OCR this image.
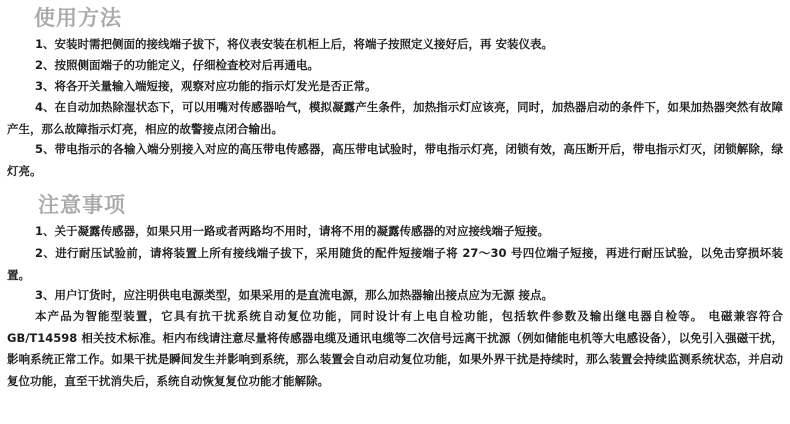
使用方法

1、安装时需把侧面的接线端子拔下，将仪表安装在机柜上后，将端子按照定义接好后，再 安装仪表。

2、按照侧面端子的功能定义，仔细检查校对后再通电。

3、将各开关量输入端短接，观察对应功能的指示灯发光是否正常。

4、在自动加热除湿状态下，可以用嘴对传感器哈气，模拟凝露产生条件，加热指示灯应该亮，同时，加热器启动的条件下，如果加热器突然有故障产生，那么故障指示灯亮，相应的故警接点闭合输出。

5、带电指示的各输入端分别接入对应的高压带电传感器，高压带电试验时，带电指示灯亮，闭锁有效，高压断开后，带电指示灯灭，闭锁解除，绿灯亮。

注意事项

1、关于凝露传感器，如果只用一路或者两路均不用时，请将不用的凝露传感器的对应接线端子短接。

2、进行耐压试验前，请将装置上所有接线端子拔下，采用随货的配件短接端子将 27～30 号四位端子短接，再进行耐压试验，以免击穿损坏装置。

3、用户订货时，应注明供电电源类型，如果采用的是直流电源，那么加热器输出接点应为无源 接点。

本产品为智能型装置，它具有抗干扰系统自动复位功能，同时设计有上电自检功能，包括软件参数及输出继电器自检等。 电磁兼容符合 GB/T14598 相关技术标准。柜内布线请注意尽量将传感器电缆及通讯电缆等二次信号远离干扰源（例如储能电机等大电感设备），以免引入强磁干扰，影响系统正常工作。如果干扰是瞬间发生并影响到系统，那么装置会自动启动复位功能，如果外界干扰是持续时，那么装置会持续监测系统状态，并启动复位功能，直至干扰消失后，系统自动恢复复位功能才能解除。
